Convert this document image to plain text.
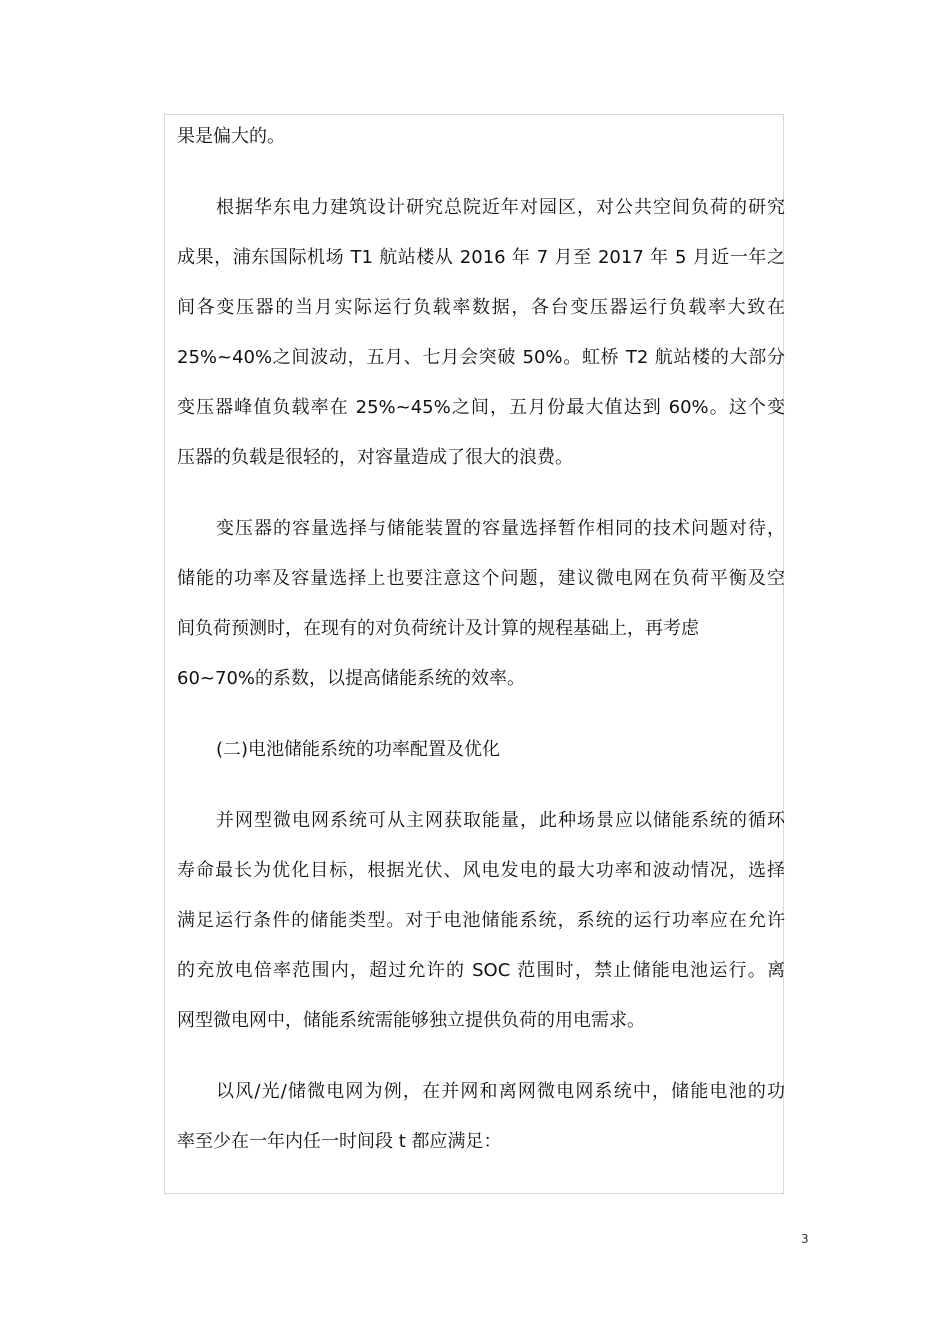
果是偏大的。
根据华东电力建筑设计研究总院近年对园区，对公共空间负荷的研究
成果，浦东国际机场 T1 航站楼从 2016 年 7 月至 2017 年 5 月近一年之
间各变压器的当月实际运行负载率数据，各台变压器运行负载率大致在
25%~40%之间波动，五月、七月会突破 50%。虹桥 T2 航站楼的大部分
变压器峰值负载率在 25%~45%之间，五月份最大值达到 60%。这个变
压器的负载是很轻的，对容量造成了很大的浪费。
变压器的容量选择与储能装置的容量选择暂作相同的技术问题对待，
储能的功率及容量选择上也要注意这个问题，建议微电网在负荷平衡及空
间负荷预测时，在现有的对负荷统计及计算的规程基础上，再考虑
60~70%的系数，以提高储能系统的效率。
(二)电池储能系统的功率配置及优化
并网型微电网系统可从主网获取能量，此种场景应以储能系统的循环
寿命最长为优化目标，根据光伏、风电发电的最大功率和波动情况，选择
满足运行条件的储能类型。对于电池储能系统，系统的运行功率应在允许
的充放电倍率范围内，超过允许的 SOC 范围时，禁止储能电池运行。离
网型微电网中，储能系统需能够独立提供负荷的用电需求。
以风/光/储微电网为例，在并网和离网微电网系统中，储能电池的功
率至少在一年内任一时间段 t 都应满足：
3
